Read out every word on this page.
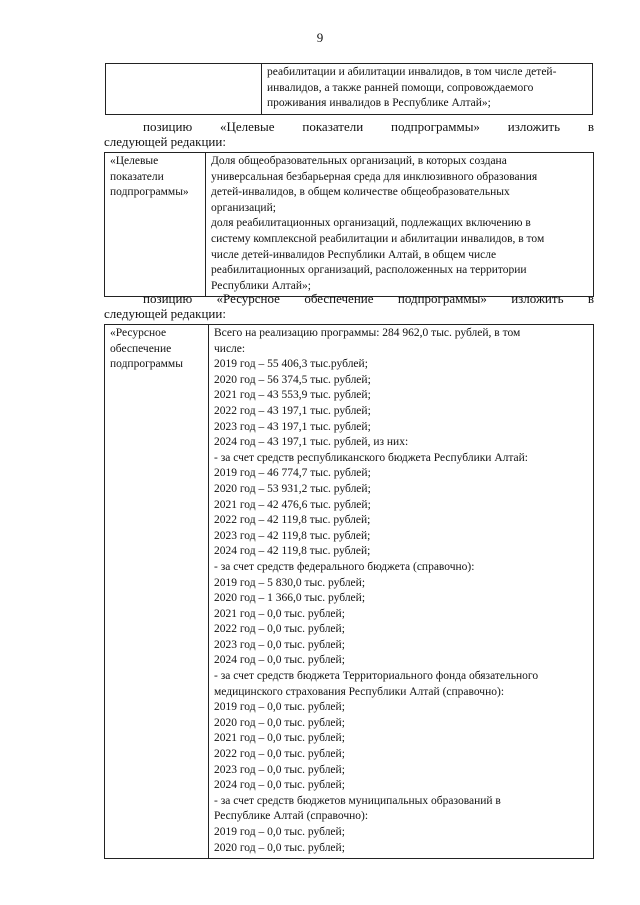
9

реабилитации и абилитации инвалидов, в том числе детей-
инвалидов, а также ранней помощи, сопровождаемого
проживания инвалидов в Республике Алтай»;
позицию «Целевые показатели подпрограммы» изложить в
следующей редакции:
«Целевые показатели подпрограммы»	
Доля общеобразовательных организаций, в которых создана
универсальная безбарьерная среда для инклюзивного образования
детей-инвалидов, в общем количестве общеобразовательных
организаций;
доля реабилитационных организаций, подлежащих включению в
систему комплексной реабилитации и абилитации инвалидов, в том
числе детей-инвалидов Республики Алтай, в общем числе
реабилитационных организаций, расположенных на территории
Республики Алтай»;
позицию «Ресурсное обеспечение подпрограммы» изложить в
следующей редакции:
«Ресурсное обеспечение подпрограммы	
Всего на реализацию программы: 284 962,0 тыс. рублей, в том
числе:
2019 год – 55 406,3 тыс.рублей;
2020 год – 56 374,5 тыс. рублей;
2021 год – 43 553,9 тыс. рублей;
2022 год – 43 197,1 тыс. рублей;
2023 год – 43 197,1 тыс. рублей;
2024 год – 43 197,1 тыс. рублей, из них:
- за счет средств республиканского бюджета Республики Алтай:
2019 год – 46 774,7 тыс. рублей;
2020 год – 53 931,2 тыс. рублей;
2021 год – 42 476,6 тыс. рублей;
2022 год – 42 119,8 тыс. рублей;
2023 год – 42 119,8 тыс. рублей;
2024 год – 42 119,8 тыс. рублей;
- за счет средств федерального бюджета (справочно):
2019 год – 5 830,0 тыс. рублей;
2020 год – 1 366,0 тыс. рублей;
2021 год – 0,0 тыс. рублей;
2022 год – 0,0 тыс. рублей;
2023 год – 0,0 тыс. рублей;
2024 год – 0,0 тыс. рублей;
- за счет средств бюджета Территориального фонда обязательного
медицинского страхования Республики Алтай (справочно):
2019 год – 0,0 тыс. рублей;
2020 год – 0,0 тыс. рублей;
2021 год – 0,0 тыс. рублей;
2022 год – 0,0 тыс. рублей;
2023 год – 0,0 тыс. рублей;
2024 год – 0,0 тыс. рублей;
- за счет средств бюджетов муниципальных образований в
Республике Алтай (справочно):
2019 год – 0,0 тыс. рублей;
2020 год – 0,0 тыс. рублей;
